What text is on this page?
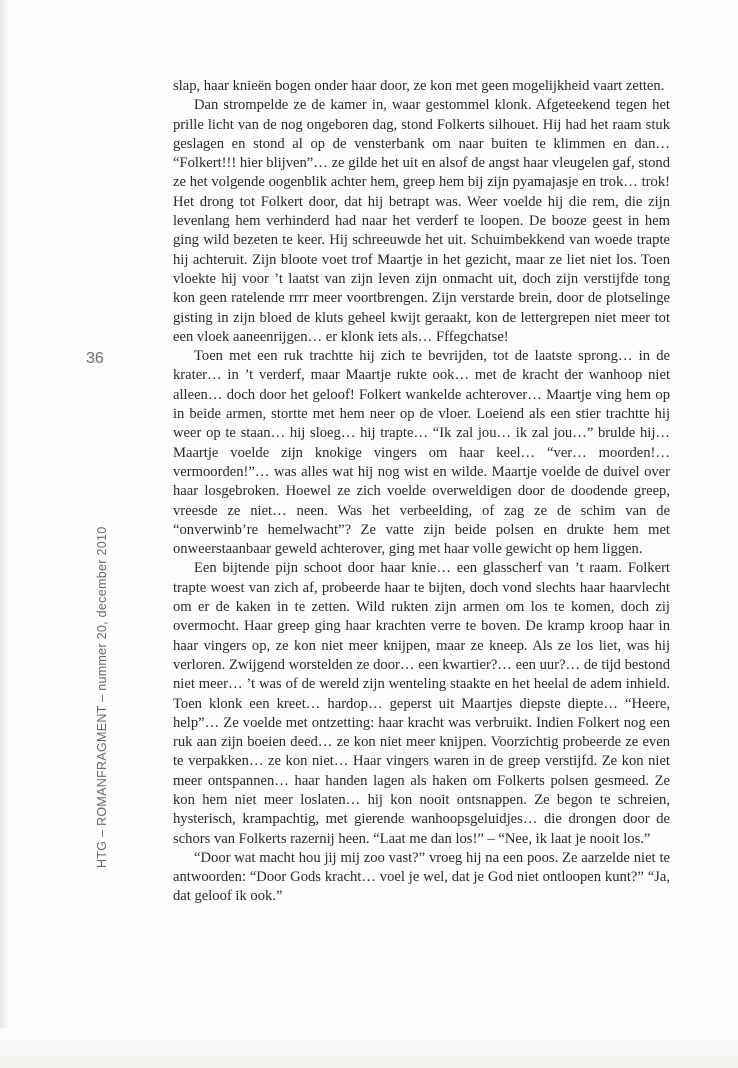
36
HTG – ROMANFRAGMENT – nummer 20, december 2010

slap, haar knieën bogen onder haar door, ze kon met geen mogelijkheid vaart zetten.

Dan strompelde ze de kamer in, waar gestommel klonk. Afgeteekend tegen het prille licht van de nog ongeboren dag, stond Folkerts silhouet. Hij had het raam stuk geslagen en stond al op de vensterbank om naar buiten te klimmen en dan… “Folkert!!! hier blijven”… ze gilde het uit en alsof de angst haar vleugelen gaf, stond ze het volgende oogenblik achter hem, greep hem bij zijn pyamajasje en trok… trok! Het drong tot Folkert door, dat hij betrapt was. Weer voelde hij die rem, die zijn levenlang hem verhinderd had naar het verderf te loopen. De booze geest in hem ging wild bezeten te keer. Hij schreeuwde het uit. Schuimbekkend van woede trapte hij achteruit. Zijn bloote voet trof Maartje in het gezicht, maar ze liet niet los. Toen vloekte hij voor ’t laatst van zijn leven zijn onmacht uit, doch zijn verstijfde tong kon geen ratelende rrrr meer voortbrengen. Zijn verstarde brein, door de plotselinge gisting in zijn bloed de kluts geheel kwijt geraakt, kon de lettergrepen niet meer tot een vloek aaneenrijgen… er klonk iets als… Fffegchatse!

Toen met een ruk trachtte hij zich te bevrijden, tot de laatste sprong… in de krater… in ’t verderf, maar Maartje rukte ook… met de kracht der wanhoop niet alleen… doch door het geloof! Folkert wankelde achterover… Maartje ving hem op in beide armen, stortte met hem neer op de vloer. Loeiend als een stier trachtte hij weer op te staan… hij sloeg… hij trapte… “Ik zal jou… ik zal jou…” brulde hij… Maartje voelde zijn knokige vingers om haar keel… “ver… moorden!… vermoorden!”… was alles wat hij nog wist en wilde. Maartje voelde de duivel over haar losgebroken. Hoewel ze zich voelde overweldigen door de doodende greep, vreesde ze niet… neen. Was het verbeelding, of zag ze de schim van de “onverwinb’re hemelwacht”? Ze vatte zijn beide polsen en drukte hem met onweerstaanbaar geweld achterover, ging met haar volle gewicht op hem liggen.

Een bijtende pijn schoot door haar knie… een glasscherf van ’t raam. Folkert trapte woest van zich af, probeerde haar te bijten, doch vond slechts haar haarvlecht om er de kaken in te zetten. Wild rukten zijn armen om los te komen, doch zij overmocht. Haar greep ging haar krachten verre te boven. De kramp kroop haar in haar vingers op, ze kon niet meer knijpen, maar ze kneep. Als ze los liet, was hij verloren. Zwijgend worstelden ze door… een kwartier?… een uur?… de tijd bestond niet meer… ’t was of de wereld zijn wenteling staakte en het heelal de adem inhield. Toen klonk een kreet… hardop… geperst uit Maartjes diepste diepte… “Heere, help”… Ze voelde met ontzetting: haar kracht was verbruikt. Indien Folkert nog een ruk aan zijn boeien deed… ze kon niet meer knijpen. Voorzichtig probeerde ze even te verpakken… ze kon niet… Haar vingers waren in de greep verstijfd. Ze kon niet meer ontspannen… haar handen lagen als haken om Folkerts polsen gesmeed. Ze kon hem niet meer loslaten… hij kon nooit ontsnappen. Ze begon te schreien, hysterisch, krampachtig, met gierende wanhoopsgeluidjes… die drongen door de schors van Folkerts razernij heen. “Laat me dan los!” – “Nee, ik laat je nooit los.”

“Door wat macht hou jij mij zoo vast?” vroeg hij na een poos. Ze aarzelde niet te antwoorden: “Door Gods kracht… voel je wel, dat je God niet ontloopen kunt?” “Ja, dat geloof ik ook.”
